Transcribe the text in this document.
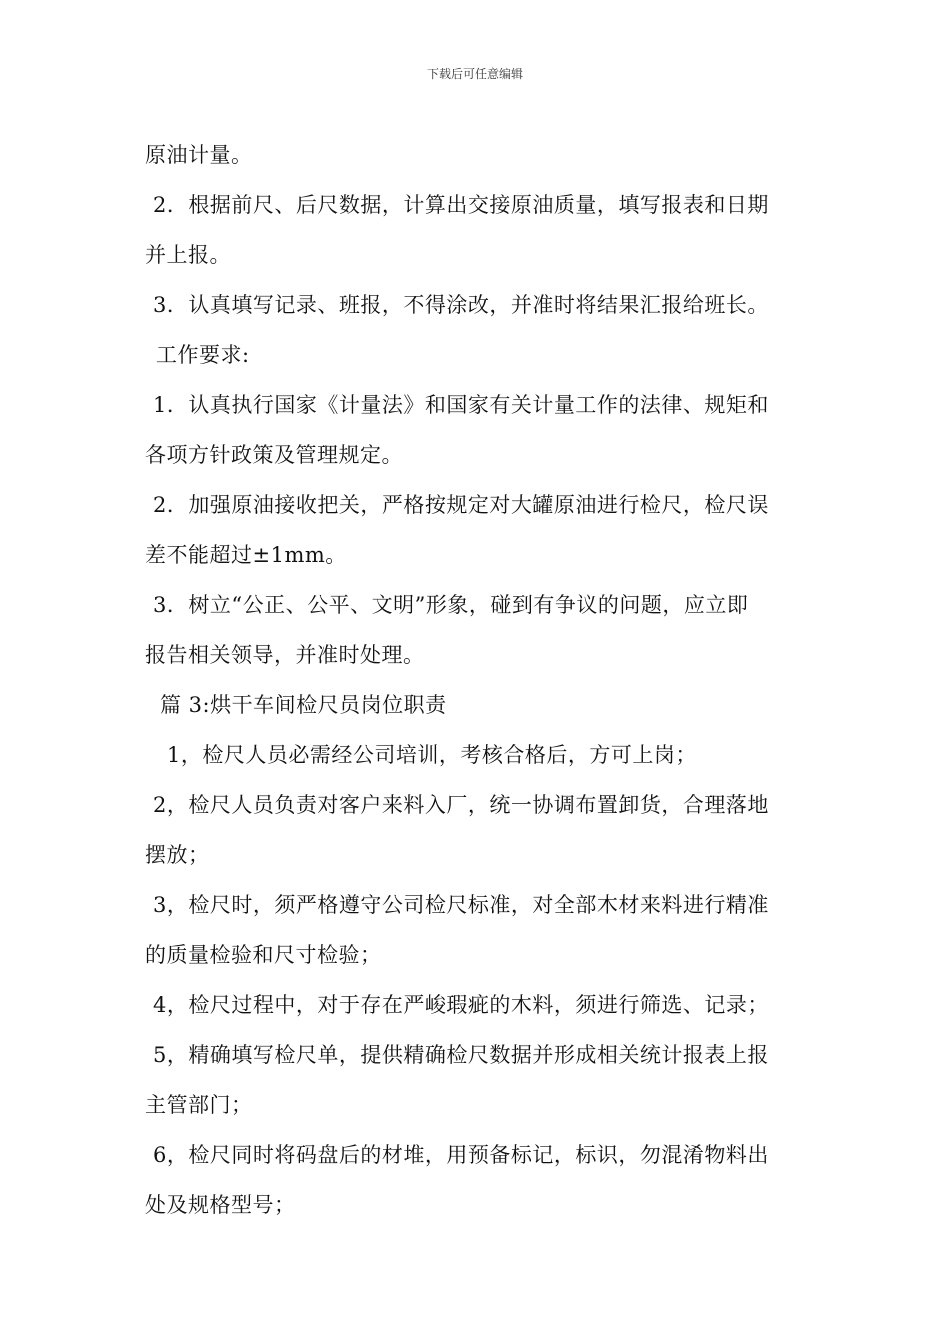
下载后可任意编辑
原油计量。
2．根据前尺、后尺数据，计算出交接原油质量，填写报表和日期
并上报。
3．认真填写记录、班报，不得涂改，并准时将结果汇报给班长。
工作要求:
1．认真执行国家《计量法》和国家有关计量工作的法律、规矩和
各项方针政策及管理规定。
2．加强原油接收把关，严格按规定对大罐原油进行检尺，检尺误
差不能超过±1mm。
3．树立“公正、公平、文明”形象，碰到有争议的问题，应立即
报告相关领导，并准时处理。
篇 3:烘干车间检尺员岗位职责
1，检尺人员必需经公司培训，考核合格后，方可上岗；
2，检尺人员负责对客户来料入厂，统一协调布置卸货，合理落地
摆放；
3，检尺时，须严格遵守公司检尺标准，对全部木材来料进行精准
的质量检验和尺寸检验；
4，检尺过程中，对于存在严峻瑕疵的木料，须进行筛选、记录；
5，精确填写检尺单，提供精确检尺数据并形成相关统计报表上报
主管部门；
6，检尺同时将码盘后的材堆，用预备标记，标识，勿混淆物料出
处及规格型号；
